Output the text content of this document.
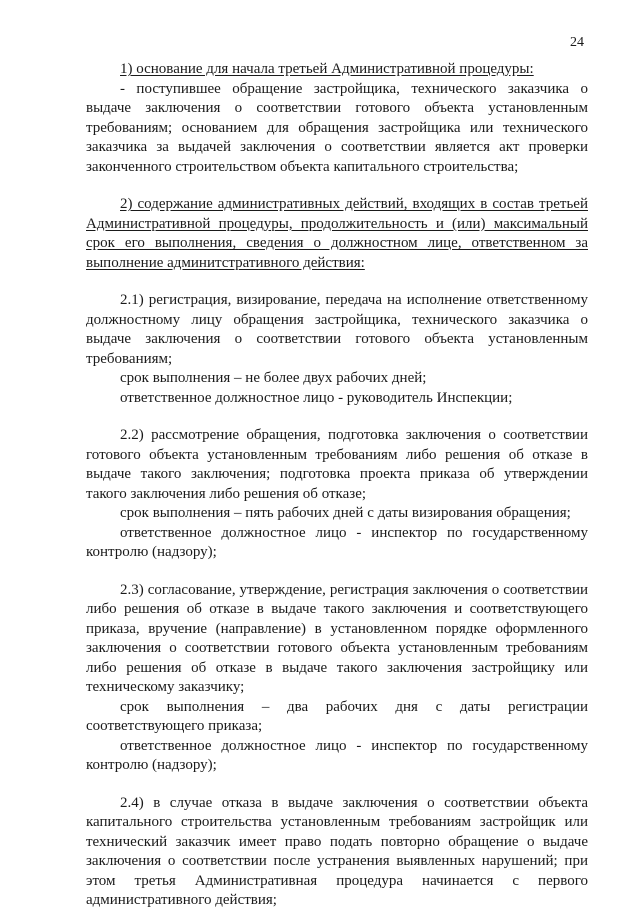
24

1) основание для начала третьей Административной процедуры:

- поступившее обращение застройщика, технического заказчика о выдаче заключения о соответствии готового объекта установленным требованиям; основанием для обращения застройщика или технического заказчика за выдачей заключения о соответствии является акт проверки законченного строительством объекта капитального строительства;

2) содержание административных действий, входящих в состав третьей Административной процедуры, продолжительность и (или) максимальный срок его выполнения, сведения о должностном лице, ответственном за выполнение админитстративного действия:

2.1) регистрация, визирование, передача на исполнение ответственному должностному лицу обращения застройщика, технического заказчика о выдаче заключения о соответствии готового объекта установленным требованиям;

срок выполнения – не более двух рабочих дней;

ответственное должностное лицо - руководитель Инспекции;

2.2) рассмотрение обращения, подготовка заключения о соответствии готового объекта установленным требованиям либо решения об отказе в выдаче такого заключения; подготовка проекта приказа об утверждении такого заключения либо решения об отказе;

срок выполнения – пять рабочих дней с даты визирования обращения;

ответственное должностное лицо - инспектор по государственному контролю (надзору);

2.3) согласование, утверждение, регистрация заключения о соответствии либо решения об отказе в выдаче такого заключения и соответствующего приказа, вручение (направление) в установленном порядке оформленного заключения о соответствии готового объекта установленным требованиям либо решения об отказе в выдаче такого заключения застройщику или техническому заказчику;

срок выполнения – два рабочих дня с даты регистрации соответствующего приказа;

ответственное должностное лицо - инспектор по государственному контролю (надзору);

2.4) в случае отказа в выдаче заключения о соответствии объекта капитального строительства установленным требованиям застройщик или технический заказчик имеет право подать повторно обращение о выдаче заключения о соответствии после устранения выявленных нарушений; при этом третья Административная процедура начинается с первого административного действия;
